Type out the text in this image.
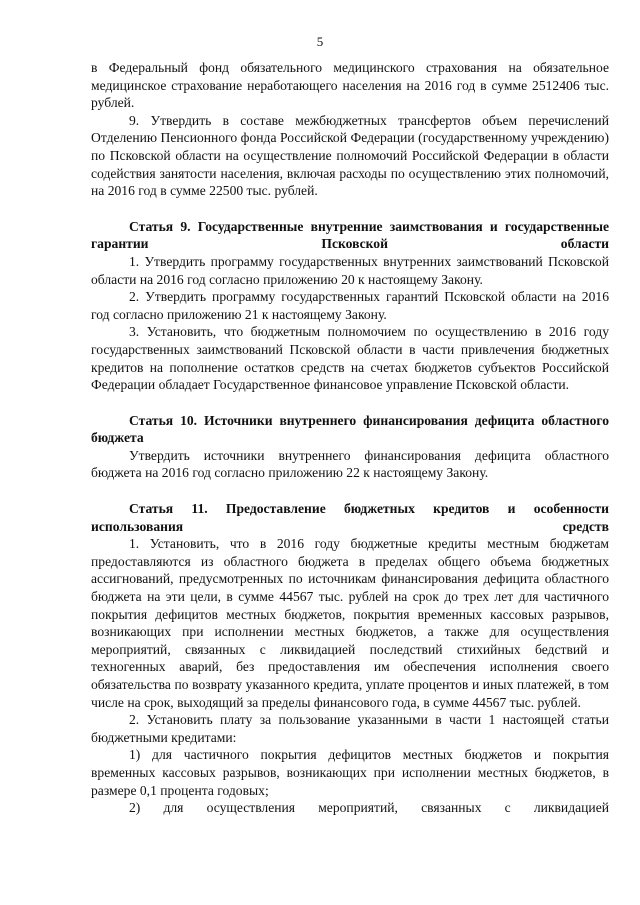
5

в Федеральный фонд обязательного медицинского страхования на обязательное медицинское страхование неработающего населения на 2016 год в сумме 2512406 тыс. рублей.

9. Утвердить в составе межбюджетных трансфертов объем перечислений Отделению Пенсионного фонда Российской Федерации (государственному учреждению) по Псковской области на осуществление полномочий Российской Федерации в области содействия занятости населения, включая расходы по осуществлению этих полномочий, на 2016 год в сумме 22500 тыс. рублей.

Статья 9. Государственные внутренние заимствования и государственные гарантии Псковской области

1. Утвердить программу государственных внутренних заимствований Псковской области на 2016 год согласно приложению 20 к настоящему Закону.

2. Утвердить программу государственных гарантий Псковской области на 2016 год согласно приложению 21 к настоящему Закону.

3. Установить, что бюджетным полномочием по осуществлению в 2016 году государственных заимствований Псковской области в части привлечения бюджетных кредитов на пополнение остатков средств на счетах бюджетов субъектов Российской Федерации обладает Государственное финансовое управление Псковской области.

Статья 10. Источники внутреннего финансирования дефицита областного бюджета

Утвердить источники внутреннего финансирования дефицита областного бюджета на 2016 год согласно приложению 22 к настоящему Закону.

Статья 11. Предоставление бюджетных кредитов и особенности использования средств

1. Установить, что в 2016 году бюджетные кредиты местным бюджетам предоставляются из областного бюджета в пределах общего объема бюджетных ассигнований, предусмотренных по источникам финансирования дефицита областного бюджета на эти цели, в сумме 44567 тыс. рублей на срок до трех лет для частичного покрытия дефицитов местных бюджетов, покрытия временных кассовых разрывов, возникающих при исполнении местных бюджетов, а также для осуществления мероприятий, связанных с ликвидацией последствий стихийных бедствий и техногенных аварий, без предоставления им обеспечения исполнения своего обязательства по возврату указанного кредита, уплате процентов и иных платежей, в том числе на срок, выходящий за пределы финансового года, в сумме 44567 тыс. рублей.

2. Установить плату за пользование указанными в части 1 настоящей статьи бюджетными кредитами:

1) для частичного покрытия дефицитов местных бюджетов и покрытия временных кассовых разрывов, возникающих при исполнении местных бюджетов, в размере 0,1 процента годовых;

2) для осуществления мероприятий, связанных с ликвидацией
